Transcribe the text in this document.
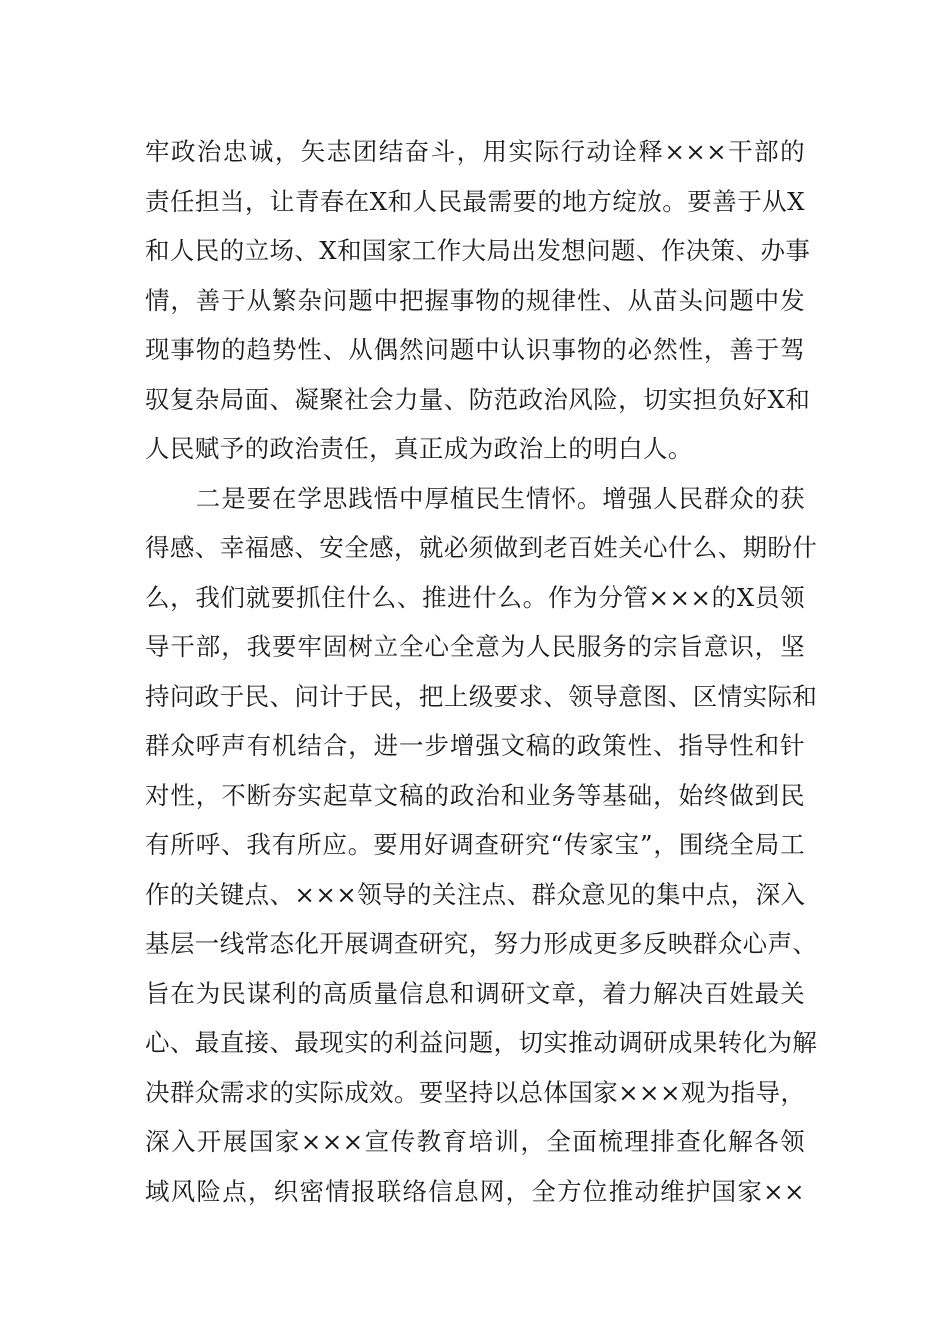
牢政治忠诚，矢志团结奋斗，用实际行动诠释×××干部的
责任担当，让青春在X和人民最需要的地方绽放。要善于从X
和人民的立场、X和国家工作大局出发想问题、作决策、办事
情，善于从繁杂问题中把握事物的规律性、从苗头问题中发
现事物的趋势性、从偶然问题中认识事物的必然性，善于驾
驭复杂局面、凝聚社会力量、防范政治风险，切实担负好X和
人民赋予的政治责任，真正成为政治上的明白人。
　　二是要在学思践悟中厚植民生情怀。增强人民群众的获
得感、幸福感、安全感，就必须做到老百姓关心什么、期盼什
么，我们就要抓住什么、推进什么。作为分管×××的X员领
导干部，我要牢固树立全心全意为人民服务的宗旨意识，坚
持问政于民、问计于民，把上级要求、领导意图、区情实际和
群众呼声有机结合，进一步增强文稿的政策性、指导性和针
对性，不断夯实起草文稿的政治和业务等基础，始终做到民
有所呼、我有所应。要用好调查研究“传家宝”，围绕全局工
作的关键点、×××领导的关注点、群众意见的集中点，深入
基层一线常态化开展调查研究，努力形成更多反映群众心声、
旨在为民谋利的高质量信息和调研文章，着力解决百姓最关
心、最直接、最现实的利益问题，切实推动调研成果转化为解
决群众需求的实际成效。要坚持以总体国家×××观为指导，
深入开展国家×××宣传教育培训，全面梳理排查化解各领
域风险点，织密情报联络信息网，全方位推动维护国家××
